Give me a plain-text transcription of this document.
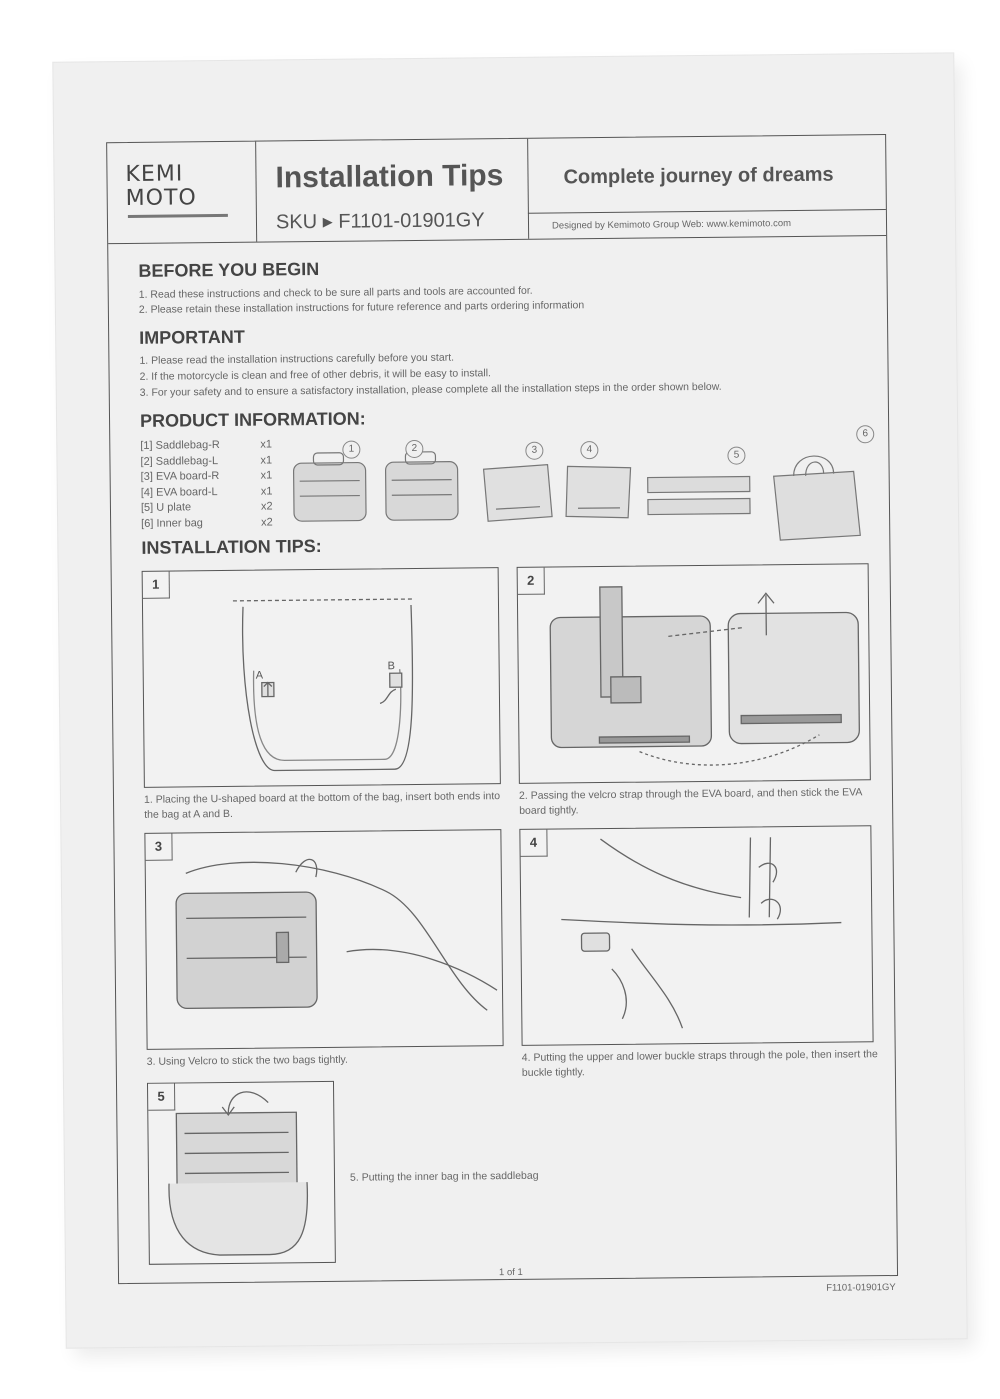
KEMI
MOTO
Installation Tips
SKU ▸ F1101-01901GY
Complete journey of dreams
Designed by Kemimoto Group Web: www.kemimoto.com
BEFORE YOU BEGIN
1. Read these instructions and check to be sure all parts and tools are accounted for.
2. Please retain these installation instructions for future reference and parts ordering information
IMPORTANT
1. Please read the installation instructions carefully before you start.
2. If the motorcycle is clean and free of other debris, it will be easy to install.
3. For your safety and to ensure a satisfactory installation, please complete all the installation steps in the order shown below.
PRODUCT INFORMATION:
[1] Saddlebag-R	x1
[2] Saddlebag-L	x1
[3] EVA board-R	x1
[4] EVA board-L	x1
[5] U plate	x2
[6] Inner bag	x2
1	2	3	4	5
6
INSTALLATION TIPS:
A
B
1
1. Placing the U-shaped board at the bottom of the bag, insert both ends into the bag at A and B.
2
2. Passing the velcro strap through the EVA board, and then stick the EVA board tightly.
3
3. Using Velcro to stick the two bags tightly.
4
4. Putting the upper and lower buckle straps through the pole, then insert the buckle tightly.
5
5. Putting the inner bag in the saddlebag
1 of 1
F1101-01901GY
